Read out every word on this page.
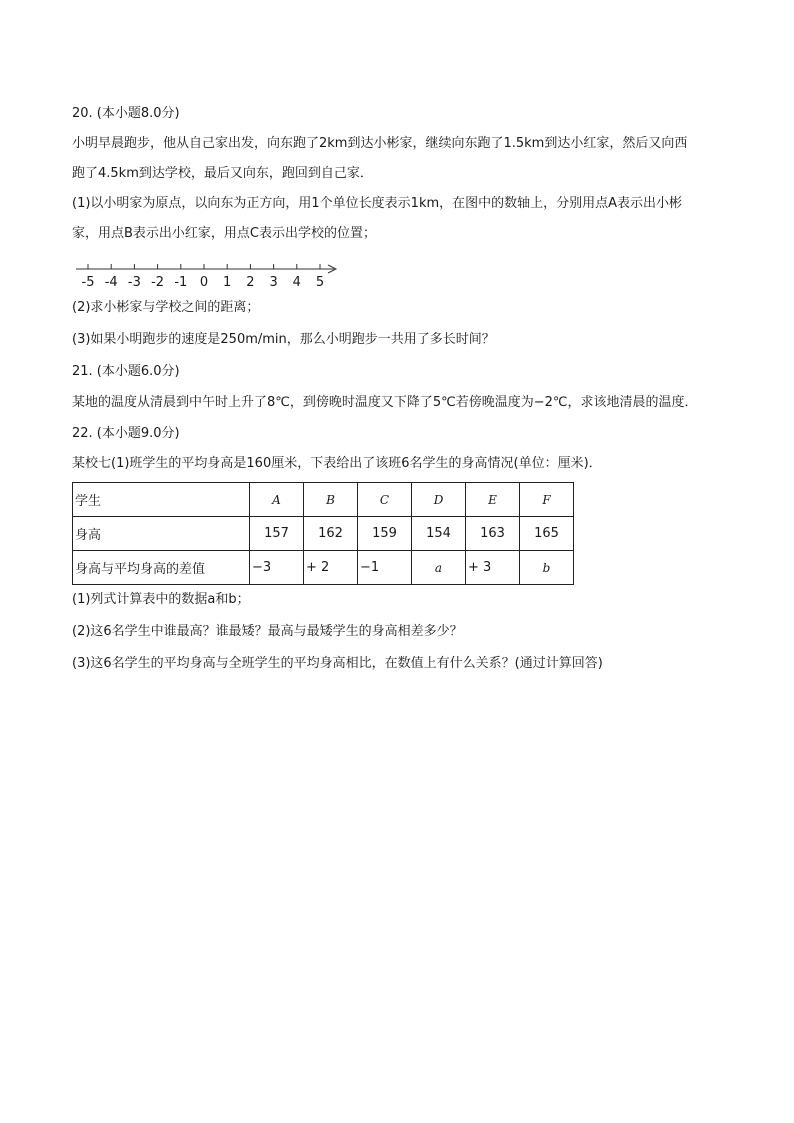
20. (本小题8.0分)
小明早晨跑步，他从自己家出发，向东跑了2km到达小彬家，继续向东跑了1.5km到达小红家，然后又向西
跑了4.5km到达学校，最后又向东，跑回到自己家．
(1)以小明家为原点，以向东为正方向，用1个单位长度表示1km，在图中的数轴上，分别用点A表示出小彬
家，用点B表示出小红家，用点C表示出学校的位置；
-5 -4 -3 -2 -1 0 1 2 3 4 5
(2)求小彬家与学校之间的距离；
(3)如果小明跑步的速度是250m/min，那么小明跑步一共用了多长时间？
21. (本小题6.0分)
某地的温度从清晨到中午时上升了8℃，到傍晚时温度又下降了5℃若傍晚温度为−2℃，求该地清晨的温度．
22. (本小题9.0分)
某校七(1)班学生的平均身高是160厘米，下表给出了该班6名学生的身高情况(单位：厘米)．
学生	A	B	C	D	E	F
身高	157	162	159	154	163	165
身高与平均身高的差值	−3	+ 2	−1	a	+ 3	b
(1)列式计算表中的数据a和b；
(2)这6名学生中谁最高？谁最矮？最高与最矮学生的身高相差多少？
(3)这6名学生的平均身高与全班学生的平均身高相比，在数值上有什么关系？(通过计算回答)
